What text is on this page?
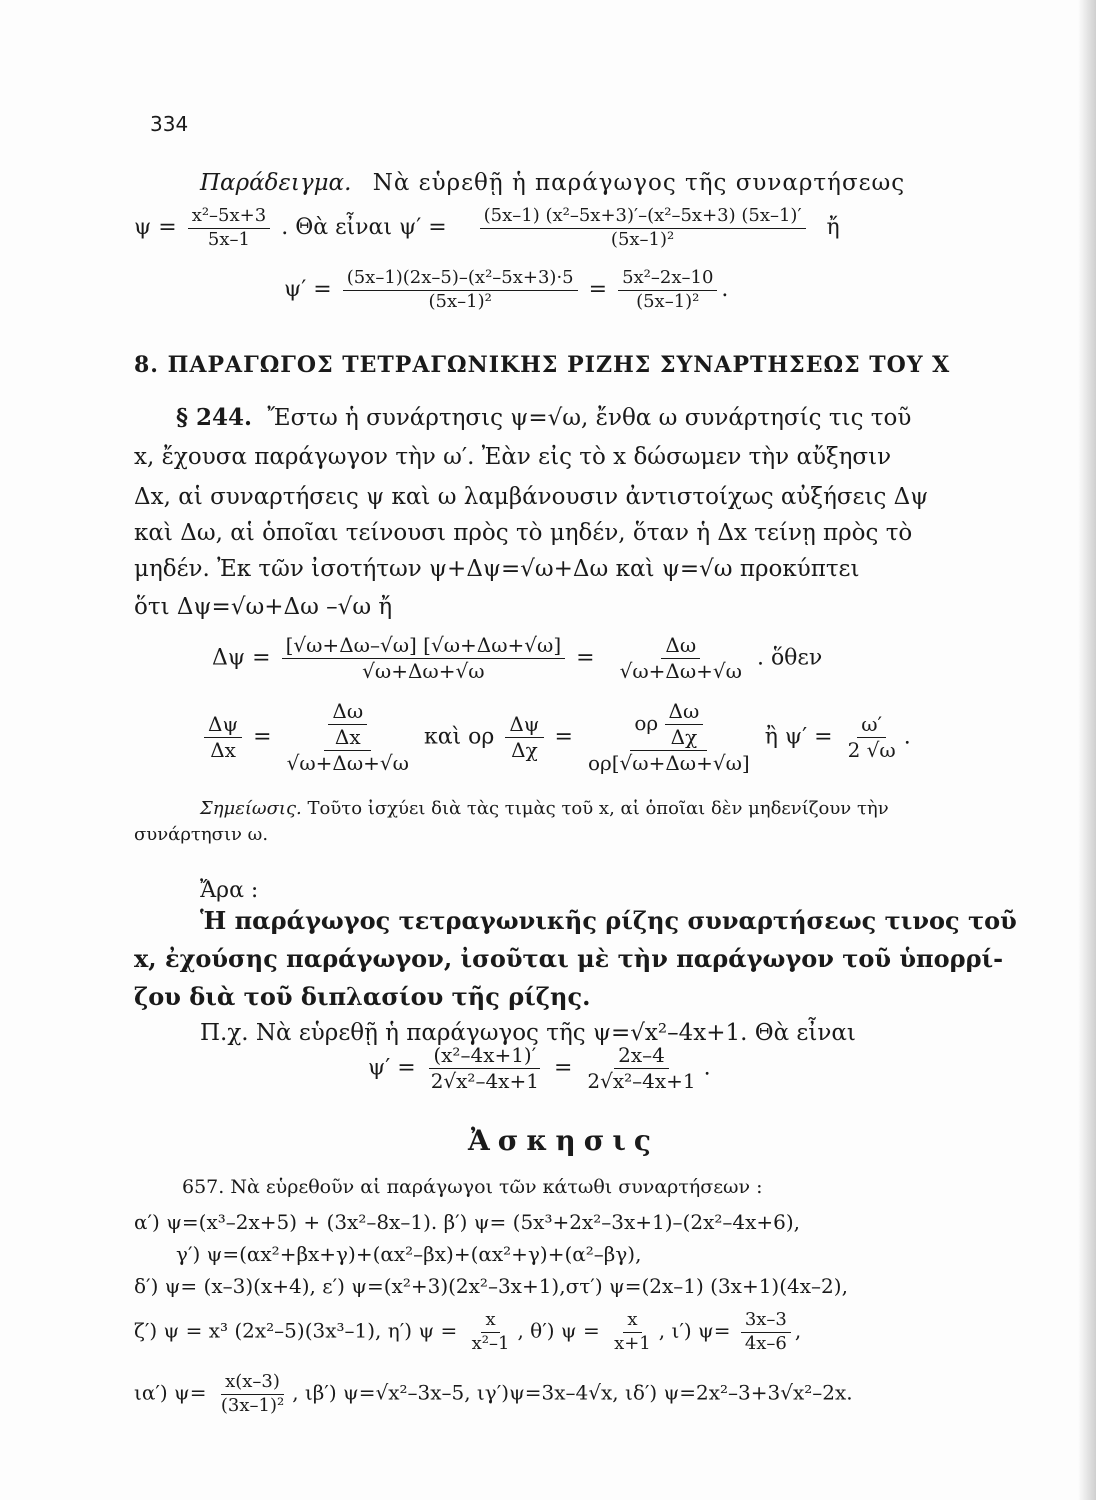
334
Παράδειγμα. Νὰ εὑρεθῇ ἡ παράγωγος τῆς συναρτήσεως
$\psi = \frac{\text{x²–5x+3}}{5x-1}$ . Θὰ εἶναι $\psi' = \frac{\text{(5x–1) (x²–5x+3)′–(x²–5x+3) (5x–1)′}}{\text{(5x–1)²}}$ ἤ
$\psi' = \frac{\text{(5x–1)(2x–5)–(x²–5x+3)·5}}{\text{(5x–1)²}} = \frac{\text{5x²–2x–10}}{\text{(5x–1)²}}$ .
8. ΠΑΡΑΓΩΓΟΣ ΤΕΤΡΑΓΩΝΙΚΗΣ ΡΙΖΗΣ ΣΥΝΑΡΤΗΣΕΩΣ ΤΟΥ Χ
§ 244. Ἔστω ἡ συνάρτησις ψ=√ω, ἔνθα ω συνάρτησίς τις τοῦ
x, ἔχουσα παράγωγον τὴν ω′. Ἐὰν εἰς τὸ x δώσωμεν τὴν αὔξησιν
Δx, αἱ συναρτήσεις ψ καὶ ω λαμβάνουσιν ἀντιστοίχως αὐξήσεις Δψ
καὶ Δω, αἱ ὁποῖαι τείνουσι πρὸς τὸ μηδέν, ὅταν ἡ Δx τείνῃ πρὸς τὸ
μηδέν. Ἐκ τῶν ἰσοτήτων ψ+Δψ=√ω+Δω καὶ ψ=√ω προκύπτει
ὅτι Δψ=√ω+Δω –√ω ἤ
$\Delta\psi = \frac{[√\omega+\Delta\omega-√\omega] [√\omega+\Delta\omega+√\omega]}{√\omega+\Delta\omega+√\omega} = \frac{\Delta\omega}{√\omega+\Delta\omega+√\omega}$ . ὅθεν
$\frac{\Delta\psi}{\Delta x} = \frac{\frac{\Delta\omega}{\Delta x}}{√\omega+\Delta\omega+√\omega}$ καὶ ορ $\frac{\Delta\psi}{\Delta\chi} = \frac{o\rho \frac{\Delta\omega}{\Delta\chi}}{o\rho[√\omega+\Delta\omega+√\omega]}$ ἢ $\psi' = \frac{\omega'}{2 √\omega}$ .
Σημείωσις. Τοῦτο ἰσχύει διὰ τὰς τιμὰς τοῦ x, αἱ ὁποῖαι δὲν μηδενίζουν τὴν
συνάρτησιν ω.
Ἄρα :
Ἡ παράγωγος τετραγωνικῆς ρίζης συναρτήσεως τινος τοῦ
x, ἐχούσης παράγωγον, ἰσοῦται μὲ τὴν παράγωγον τοῦ ὑπορρί-
ζου διὰ τοῦ διπλασίου τῆς ρίζης.
Π.χ. Νὰ εὑρεθῇ ἡ παράγωγος τῆς ψ=√x²–4x+1. Θὰ εἶναι
$\psi' = \frac{\text{(x²–4x+1)′}}{\text{2√x²–4x+1}} = \frac{2x-4}{\text{2√x²–4x+1}}$ .
Ἀσκησις
657. Νὰ εὑρεθοῦν αἱ παράγωγοι τῶν κάτωθι συναρτήσεων :
α′) ψ=(x³–2x+5) + (3x²–8x–1). β′) ψ= (5x³+2x²–3x+1)–(2x²–4x+6),
γ′) ψ=(αx²+βx+γ)+(αx²–βx)+(αx²+γ)+(α²–βγ),
δ′) ψ= (x–3)(x+4), ε′) ψ=(x²+3)(2x²–3x+1),στ′) ψ=(2x–1) (3x+1)(4x–2),
ζ′) ψ = x³ (2x²–5)(3x³–1), η′) $\psi = \frac{x}{\text{x²–1}}$ , θ′) $\psi = \frac{x}{x+1}$ , ι′) $\psi= \frac{3x-3}{4x-6}$ ,
ια′) $\psi= \frac{x(x-3)}{\text{(3x–1)²}}$ , ιβ′) ψ=√x²–3x–5, ιγ′)ψ=3x–4√x, ιδ′) ψ=2x²–3+3√x²–2x.
